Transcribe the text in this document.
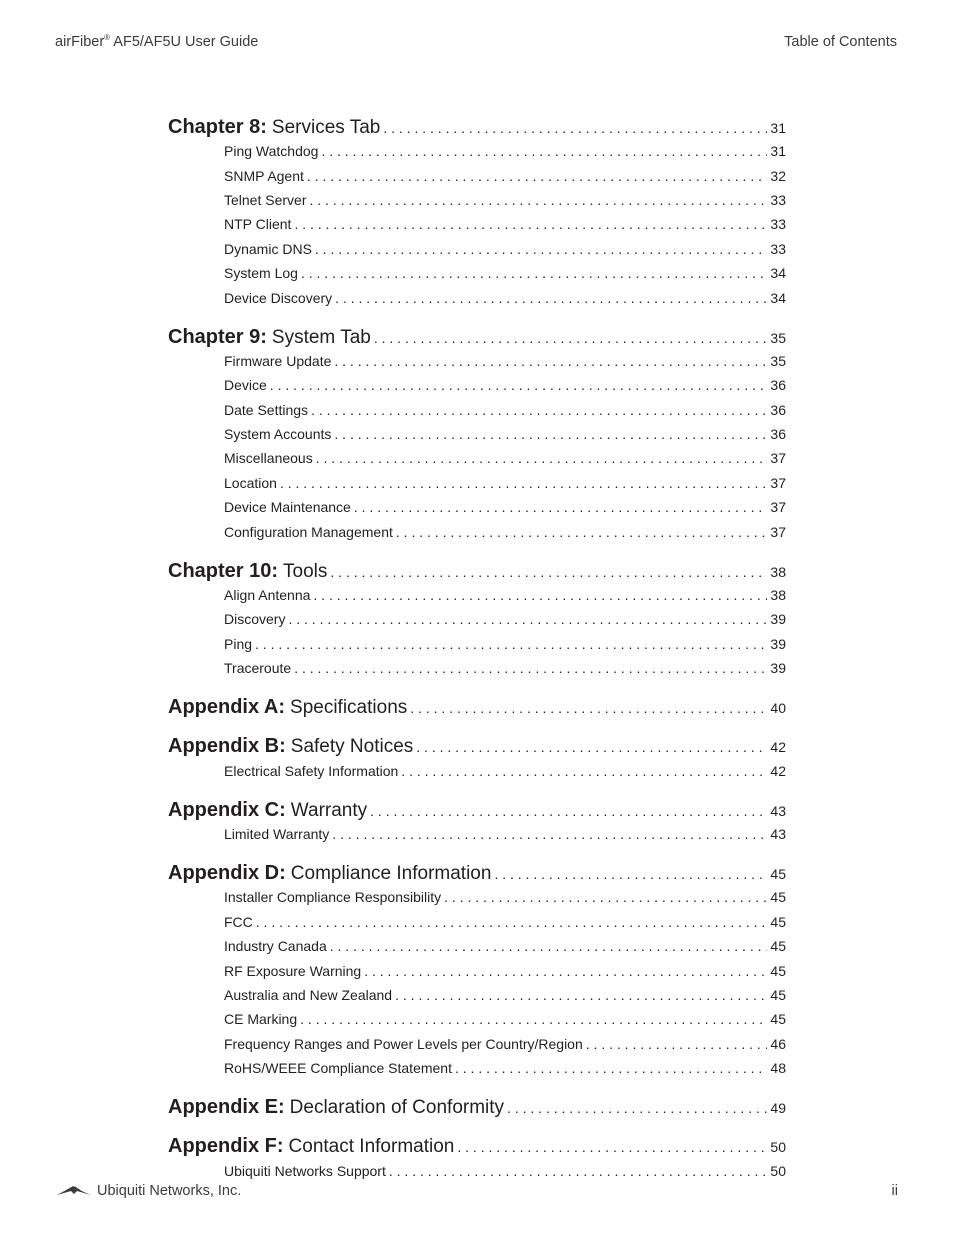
airFiber® AF5/AF5U User Guide	Table of Contents
Chapter 8: Services Tab . . .	31
Ping Watchdog . . .	31
SNMP Agent . . .	32
Telnet Server . . .	33
NTP Client . . .	33
Dynamic DNS . . .	33
System Log . . .	34
Device Discovery . . .	34
Chapter 9: System Tab . . .	35
Firmware Update . . .	35
Device . . .	36
Date Settings . . .	36
System Accounts . . .	36
Miscellaneous . . .	37
Location . . .	37
Device Maintenance . . .	37
Configuration Management . . .	37
Chapter 10: Tools . . .	38
Align Antenna . . .	38
Discovery . . .	39
Ping . . .	39
Traceroute . . .	39
Appendix A: Specifications . . .	40
Appendix B: Safety Notices . . .	42
Electrical Safety Information . . .	42
Appendix C: Warranty . . .	43
Limited Warranty . . .	43
Appendix D: Compliance Information . . .	45
Installer Compliance Responsibility . . .	45
FCC . . .	45
Industry Canada . . .	45
RF Exposure Warning . . .	45
Australia and New Zealand . . .	45
CE Marking . . .	45
Frequency Ranges and Power Levels per Country/Region . . .	46
RoHS/WEEE Compliance Statement . . .	48
Appendix E: Declaration of Conformity . . .	49
Appendix F: Contact Information . . .	50
Ubiquiti Networks Support . . .	50
Ubiquiti Networks, Inc.	ii
